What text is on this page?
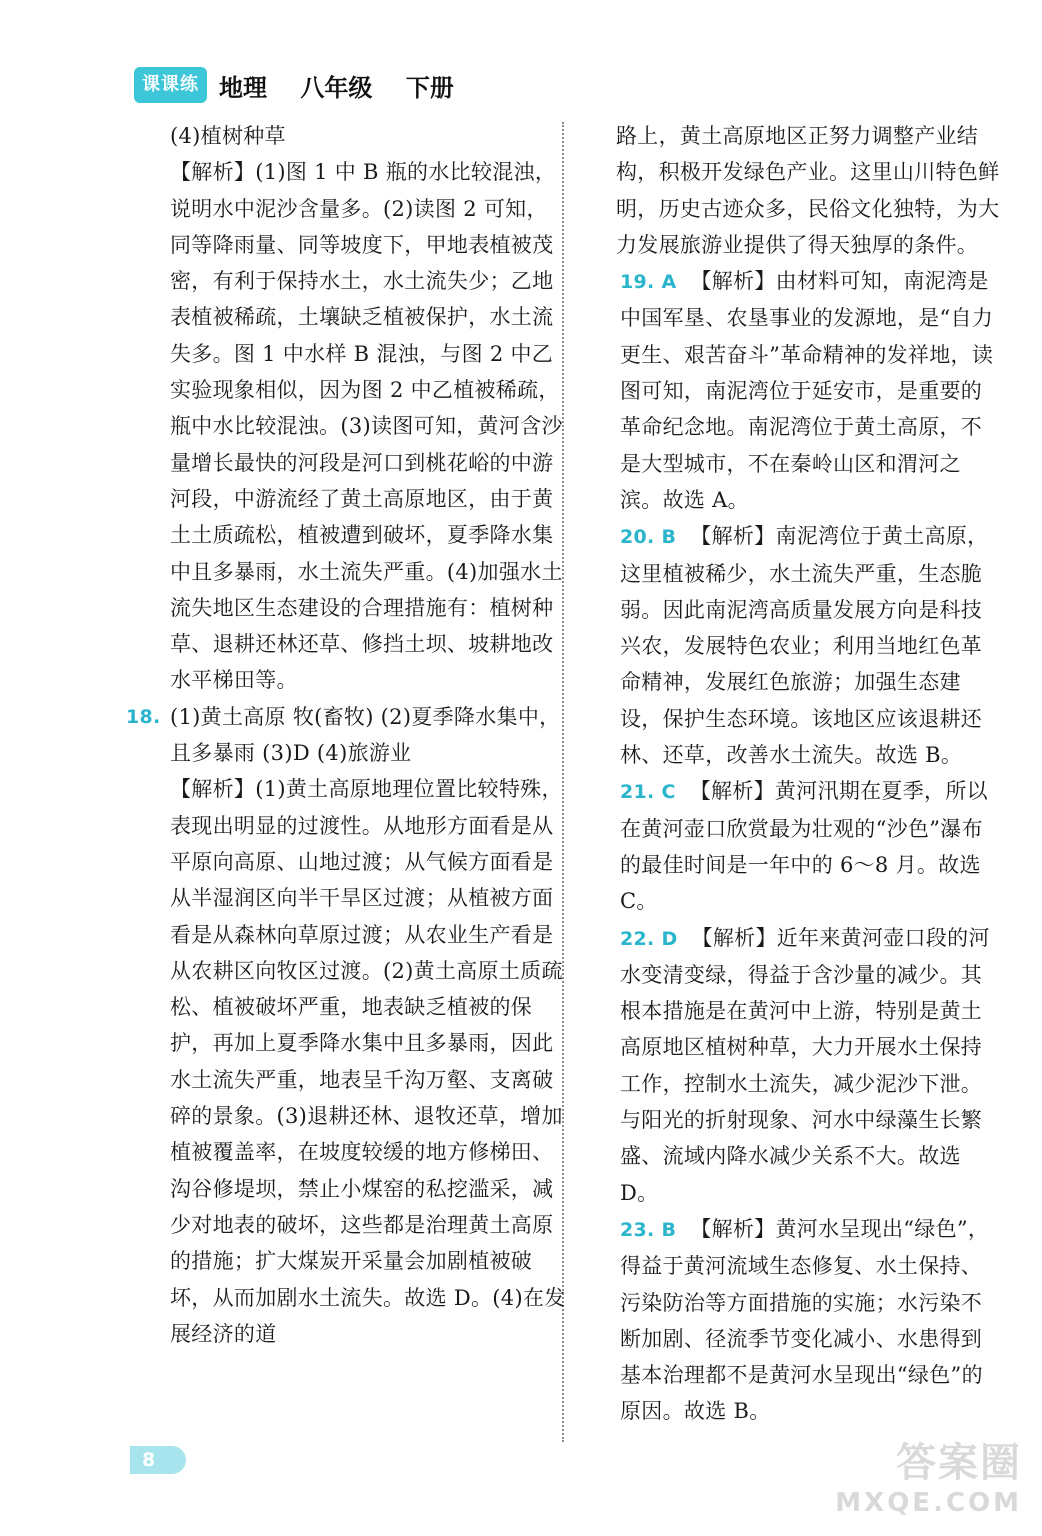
课课练 地理    八年级    下册

(4)植树种草

【解析】(1)图 1 中 B 瓶的水比较混浊，说明水中泥沙含量多。(2)读图 2 可知，同等降雨量、同等坡度下，甲地表植被茂密，有利于保持水土，水土流失少；乙地表植被稀疏，土壤缺乏植被保护，水土流失多。图 1 中水样 B 混浊，与图 2 中乙实验现象相似，因为图 2 中乙植被稀疏，瓶中水比较混浊。(3)读图可知，黄河含沙量增长最快的河段是河口到桃花峪的中游河段，中游流经了黄土高原地区，由于黄土土质疏松，植被遭到破坏，夏季降水集中且多暴雨，水土流失严重。(4)加强水土流失地区生态建设的合理措施有：植树种草、退耕还林还草、修挡土坝、坡耕地改水平梯田等。

18. (1)黄土高原 牧(畜牧) (2)夏季降水集中，且多暴雨 (3)D (4)旅游业

【解析】(1)黄土高原地理位置比较特殊，表现出明显的过渡性。从地形方面看是从平原向高原、山地过渡；从气候方面看是从半湿润区向半干旱区过渡；从植被方面看是从森林向草原过渡；从农业生产看是从农耕区向牧区过渡。(2)黄土高原土质疏松、植被破坏严重，地表缺乏植被的保护，再加上夏季降水集中且多暴雨，因此水土流失严重，地表呈千沟万壑、支离破碎的景象。(3)退耕还林、退牧还草，增加植被覆盖率，在坡度较缓的地方修梯田、沟谷修堤坝，禁止小煤窑的私挖滥采，减少对地表的破坏，这些都是治理黄土高原的措施；扩大煤炭开采量会加剧植被破坏，从而加剧水土流失。故选 D。(4)在发展经济的道

路上，黄土高原地区正努力调整产业结构，积极开发绿色产业。这里山川特色鲜明，历史古迹众多，民俗文化独特，为大力发展旅游业提供了得天独厚的条件。

19. A 【解析】由材料可知，南泥湾是中国军垦、农垦事业的发源地，是“自力更生、艰苦奋斗”革命精神的发祥地，读图可知，南泥湾位于延安市，是重要的革命纪念地。南泥湾位于黄土高原，不是大型城市，不在秦岭山区和渭河之滨。故选 A。

20. B 【解析】南泥湾位于黄土高原，这里植被稀少，水土流失严重，生态脆弱。因此南泥湾高质量发展方向是科技兴农，发展特色农业；利用当地红色革命精神，发展红色旅游；加强生态建设，保护生态环境。该地区应该退耕还林、还草，改善水土流失。故选 B。

21. C 【解析】黄河汛期在夏季，所以在黄河壶口欣赏最为壮观的“沙色”瀑布的最佳时间是一年中的 6～8 月。故选 C。

22. D 【解析】近年来黄河壶口段的河水变清变绿，得益于含沙量的减少。其根本措施是在黄河中上游，特别是黄土高原地区植树种草，大力开展水土保持工作，控制水土流失，减少泥沙下泄。与阳光的折射现象、河水中绿藻生长繁盛、流域内降水减少关系不大。故选 D。

23. B 【解析】黄河水呈现出“绿色”，得益于黄河流域生态修复、水土保持、污染防治等方面措施的实施；水污染不断加剧、径流季节变化减小、水患得到基本治理都不是黄河水呈现出“绿色”的原因。故选 B。

8	答案圈
MXQE.COM
